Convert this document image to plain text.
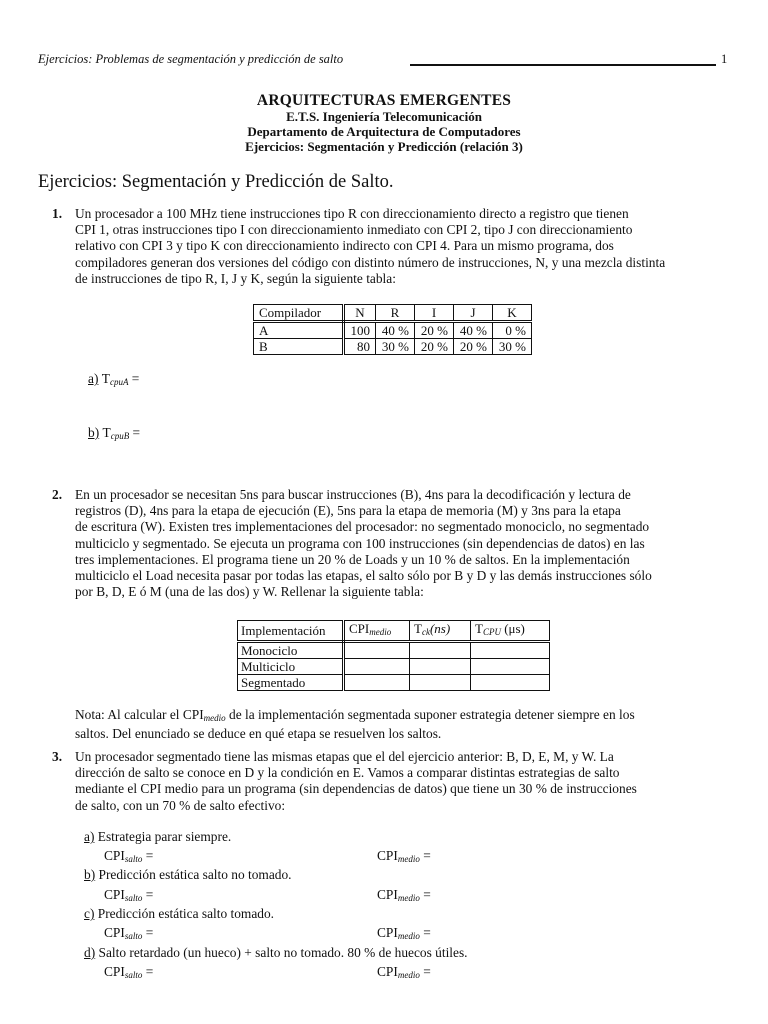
Ejercicios: Problemas de segmentación y predicción de salto	1
ARQUITECTURAS EMERGENTES
E.T.S. Ingeniería Telecomunicación
Departamento de Arquitectura de Computadores
Ejercicios: Segmentación y Predicción (relación 3)
Ejercicios: Segmentación y Predicción de Salto.
1. Un procesador a 100 MHz tiene instrucciones tipo R con direccionamiento directo a registro que tienen
CPI 1, otras instrucciones tipo I con direccionamiento inmediato con CPI 2, tipo J con direccionamiento
relativo con CPI 3 y tipo K con direccionamiento indirecto con CPI 4. Para un mismo programa, dos
compiladores generan dos versiones del código con distinto número de instrucciones, N, y una mezcla distinta
de instrucciones de tipo R, I, J y K, según la siguiente tabla:
Compilador	N	R	I	J	K
A	100	40 %	20 %	40 %	0 %
B	80	30 %	20 %	20 %	30 %
a) $T_{cpuA}$ =
b) $T_{cpuB}$ =
2. En un procesador se necesitan 5ns para buscar instrucciones (B), 4ns para la decodificación y lectura de
registros (D), 4ns para la etapa de ejecución (E), 5ns para la etapa de memoria (M) y 3ns para la etapa
de escritura (W). Existen tres implementaciones del procesador: no segmentado monociclo, no segmentado
multiciclo y segmentado. Se ejecuta un programa con 100 instrucciones (sin dependencias de datos) en las
tres implementaciones. El programa tiene un 20 % de Loads y un 10 % de saltos. En la implementación
multiciclo el Load necesita pasar por todas las etapas, el salto sólo por B y D y las demás instrucciones sólo
por B, D, E ó M (una de las dos) y W. Rellenar la siguiente tabla:
Implementación	$CPI_{medio}$	$T_{ck}(ns)$	$T_{CPU}$ (μs)
Monociclo			
Multiciclo			
Segmentado			
Nota: Al calcular el $CPI_{medio}$ de la implementación segmentada suponer estrategia detener siempre en los
saltos. Del enunciado se deduce en qué etapa se resuelven los saltos.
3. Un procesador segmentado tiene las mismas etapas que el del ejercicio anterior: B, D, E, M, y W. La
dirección de salto se conoce en D y la condición en E. Vamos a comparar distintas estrategias de salto
mediante el CPI medio para un programa (sin dependencias de datos) que tiene un 30 % de instrucciones
de salto, con un 70 % de salto efectivo:
a) Estrategia parar siempre.
$CPI_{salto}$ =	$CPI_{medio}$ =
b) Predicción estática salto no tomado.
$CPI_{salto}$ =	$CPI_{medio}$ =
c) Predicción estática salto tomado.
$CPI_{salto}$ =	$CPI_{medio}$ =
d) Salto retardado (un hueco) + salto no tomado. 80 % de huecos útiles.
$CPI_{salto}$ =	$CPI_{medio}$ =
